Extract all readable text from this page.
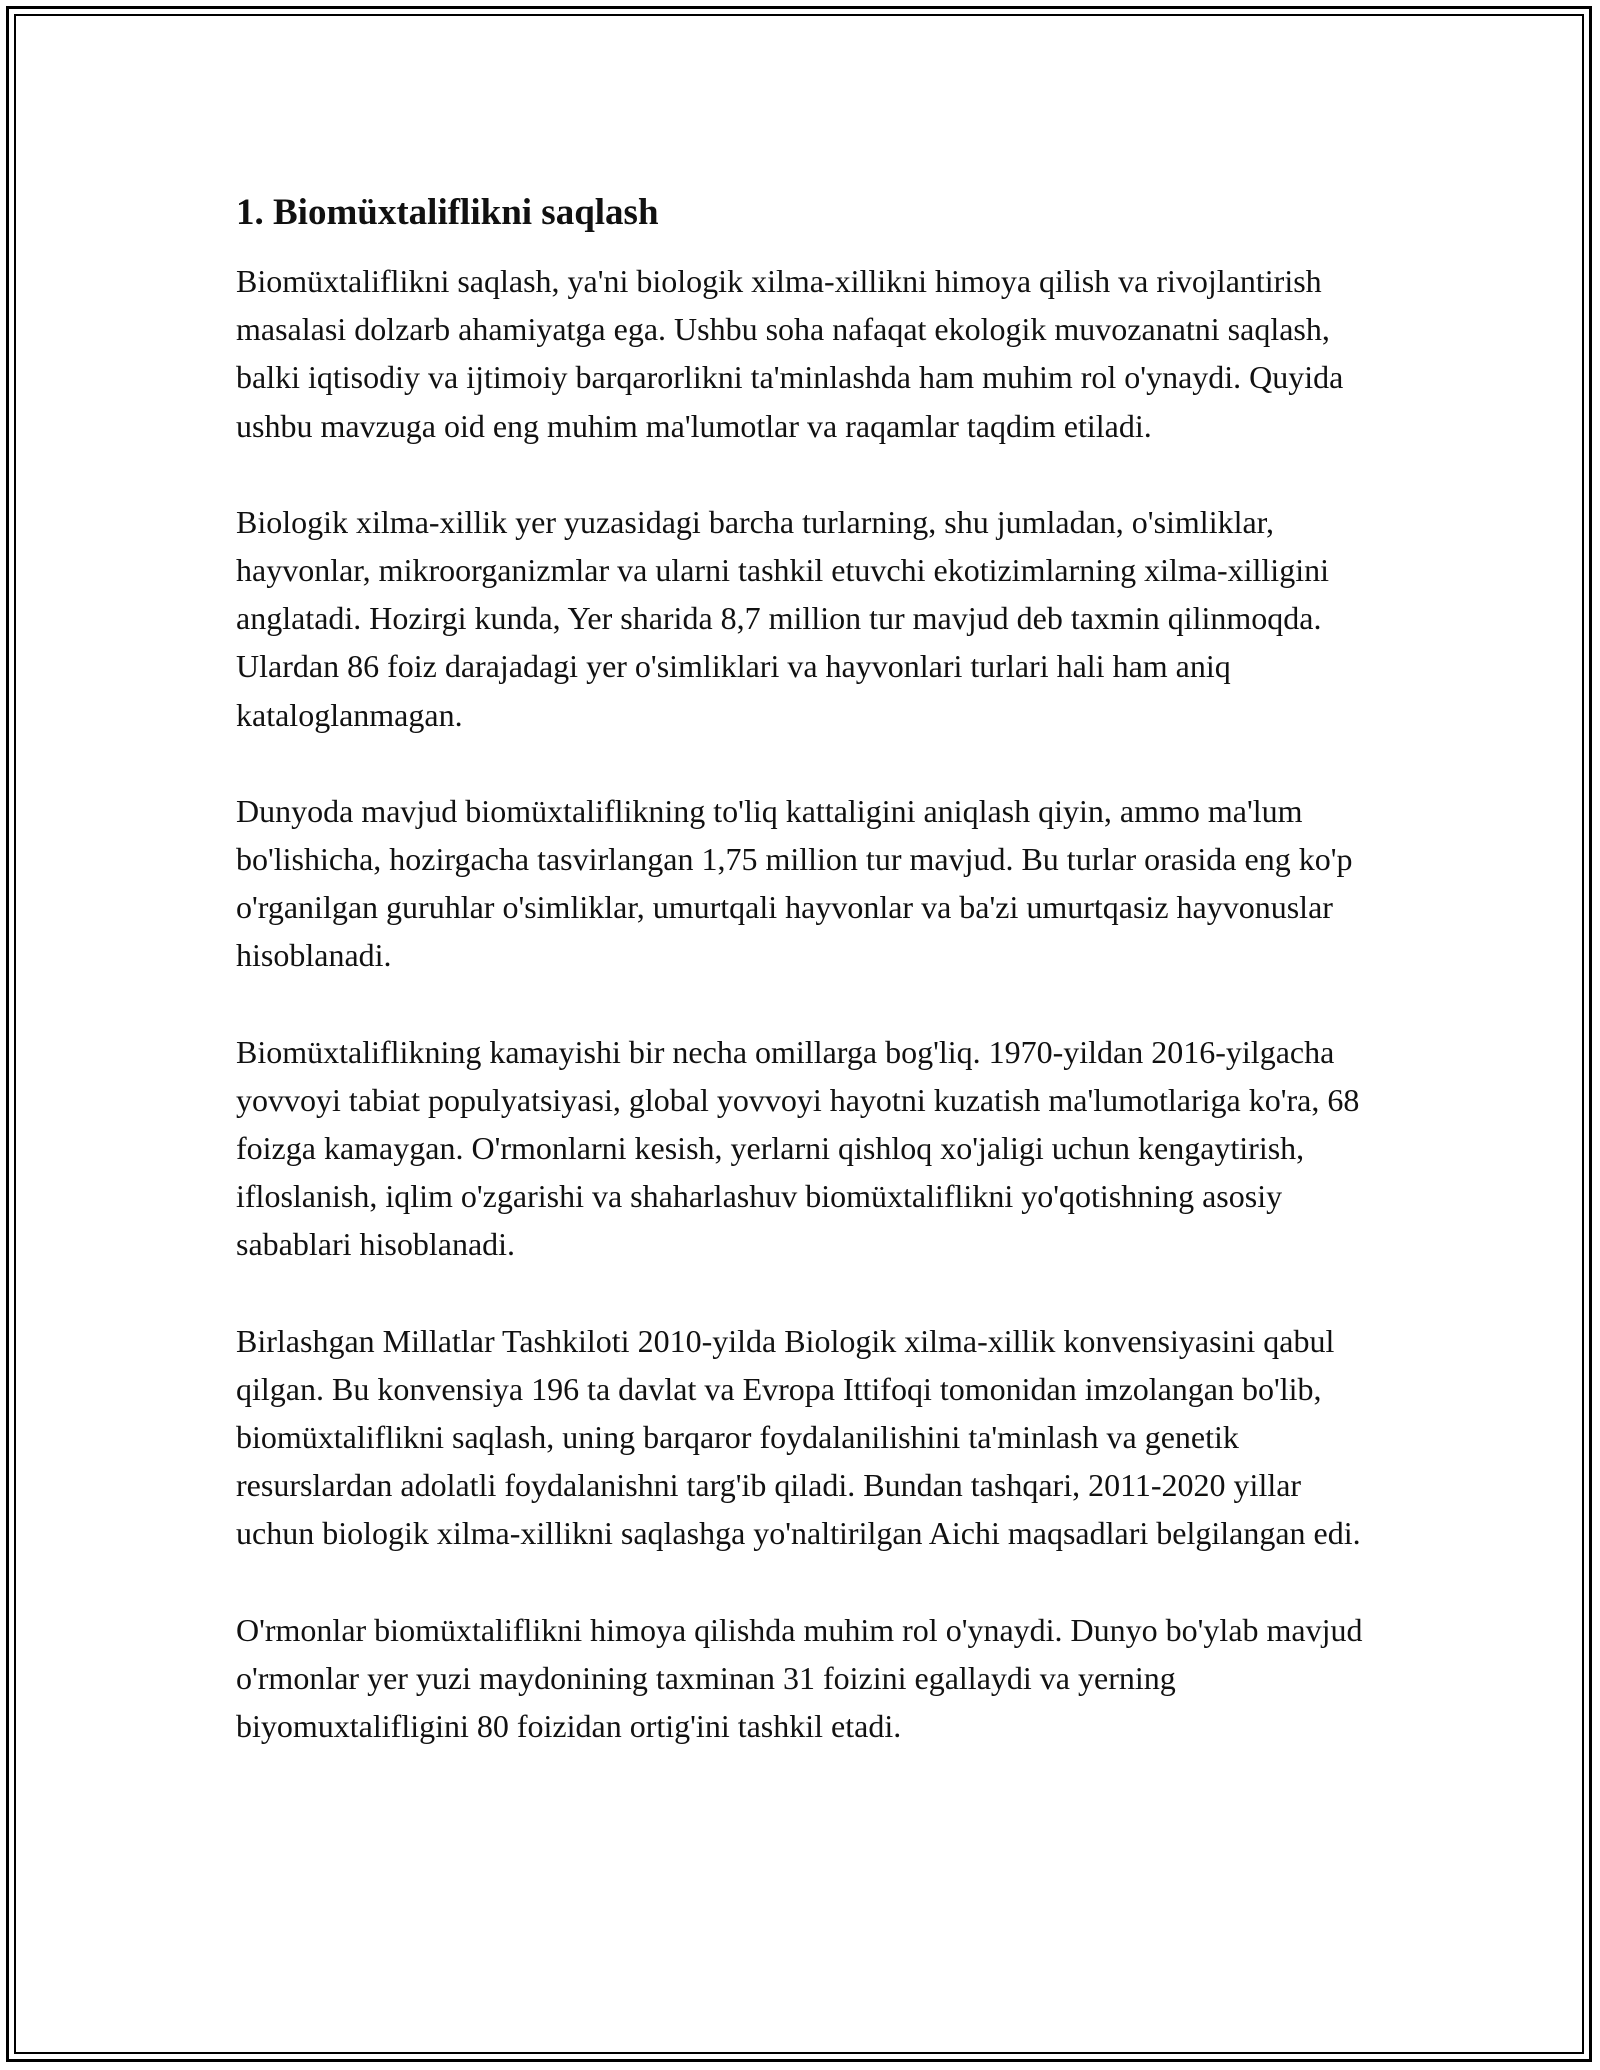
1. Biomüxtaliflikni saqlash

Biomüxtaliflikni saqlash, ya'ni biologik xilma-xillikni himoya qilish va rivojlantirish masalasi dolzarb ahamiyatga ega. Ushbu soha nafaqat ekologik muvozanatni saqlash, balki iqtisodiy va ijtimoiy barqarorlikni ta'minlashda ham muhim rol o'ynaydi. Quyida ushbu mavzuga oid eng muhim ma'lumotlar va raqamlar taqdim etiladi.

Biologik xilma-xillik yer yuzasidagi barcha turlarning, shu jumladan, o'simliklar, hayvonlar, mikroorganizmlar va ularni tashkil etuvchi ekotizimlarning xilma-xilligini anglatadi. Hozirgi kunda, Yer sharida 8,7 million tur mavjud deb taxmin qilinmoqda. Ulardan 86 foiz darajadagi yer o'simliklari va hayvonlari turlari hali ham aniq kataloglanmagan.

Dunyoda mavjud biomüxtaliflikning to'liq kattaligini aniqlash qiyin, ammo ma'lum bo'lishicha, hozirgacha tasvirlangan 1,75 million tur mavjud. Bu turlar orasida eng ko'p o'rganilgan guruhlar o'simliklar, umurtqali hayvonlar va ba'zi umurtqasiz hayvonuslar hisoblanadi.

Biomüxtaliflikning kamayishi bir necha omillarga bog'liq. 1970-yildan 2016-yilgacha yovvoyi tabiat populyatsiyasi, global yovvoyi hayotni kuzatish ma'lumotlariga ko'ra, 68 foizga kamaygan. O'rmonlarni kesish, yerlarni qishloq xo'jaligi uchun kengaytirish, ifloslanish, iqlim o'zgarishi va shaharlashuv biomüxtaliflikni yo'qotishning asosiy sabablari hisoblanadi.

Birlashgan Millatlar Tashkiloti 2010-yilda Biologik xilma-xillik konvensiyasini qabul qilgan. Bu konvensiya 196 ta davlat va Evropa Ittifoqi tomonidan imzolangan bo'lib, biomüxtaliflikni saqlash, uning barqaror foydalanilishini ta'minlash va genetik resurslardan adolatli foydalanishni targ'ib qiladi. Bundan tashqari, 2011-2020 yillar uchun biologik xilma-xillikni saqlashga yo'naltirilgan Aichi maqsadlari belgilangan edi.

O'rmonlar biomüxtaliflikni himoya qilishda muhim rol o'ynaydi. Dunyo bo'ylab mavjud o'rmonlar yer yuzi maydonining taxminan 31 foizini egallaydi va yerning biyomuxtalifligini 80 foizidan ortig'ini tashkil etadi.
